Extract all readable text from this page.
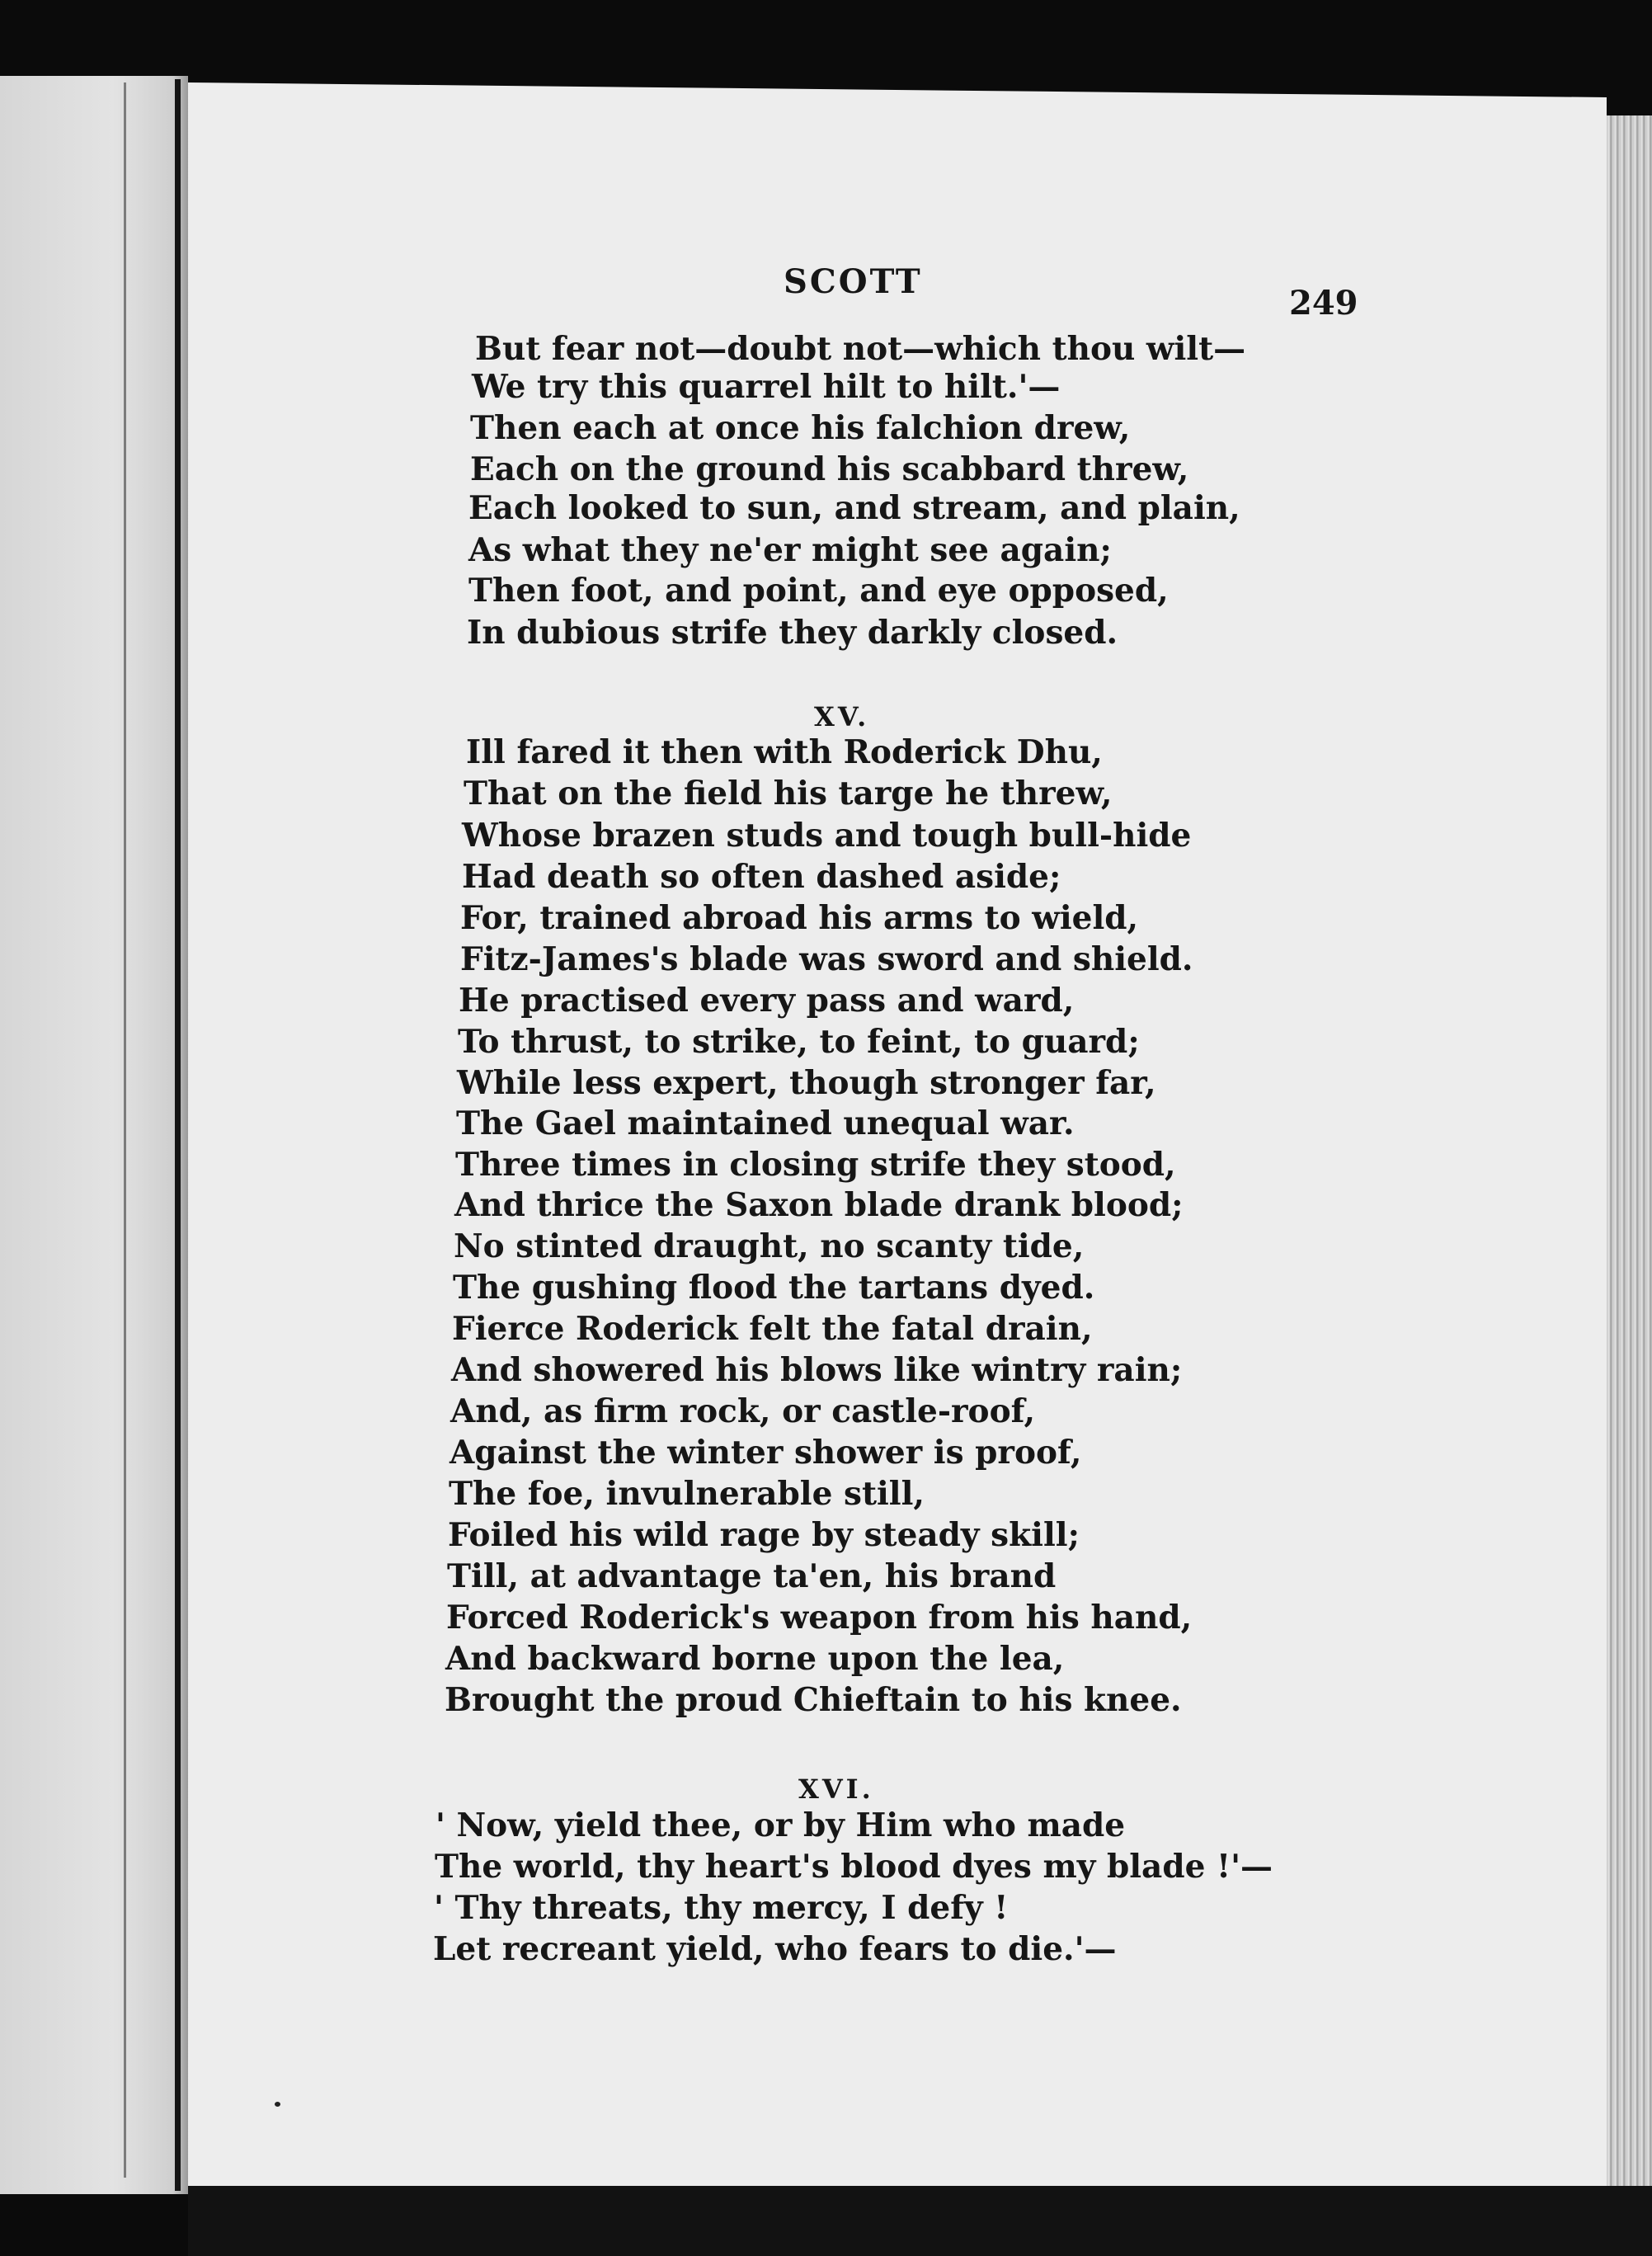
SCOTT

249

But fear not—doubt not—which thou wilt—

We try this quarrel hilt to hilt.'—

Then each at once his falchion drew,

Each on the ground his scabbard threw,

Each looked to sun, and stream, and plain,

As what they ne'er might see again;

Then foot, and point, and eye opposed,

In dubious strife they darkly closed.

XV.

Ill fared it then with Roderick Dhu,

That on the field his targe he threw,

Whose brazen studs and tough bull-hide

Had death so often dashed aside;

For, trained abroad his arms to wield,

Fitz-James's blade was sword and shield.

He practised every pass and ward,

To thrust, to strike, to feint, to guard;

While less expert, though stronger far,

The Gael maintained unequal war.

Three times in closing strife they stood,

And thrice the Saxon blade drank blood;

No stinted draught, no scanty tide,

The gushing flood the tartans dyed.

Fierce Roderick felt the fatal drain,

And showered his blows like wintry rain;

And, as firm rock, or castle-roof,

Against the winter shower is proof,

The foe, invulnerable still,

Foiled his wild rage by steady skill;

Till, at advantage ta'en, his brand

Forced Roderick's weapon from his hand,

And backward borne upon the lea,

Brought the proud Chieftain to his knee.

XVI.

' Now, yield thee, or by Him who made

The world, thy heart's blood dyes my blade !'—

' Thy threats, thy mercy, I defy !

Let recreant yield, who fears to die.'—
